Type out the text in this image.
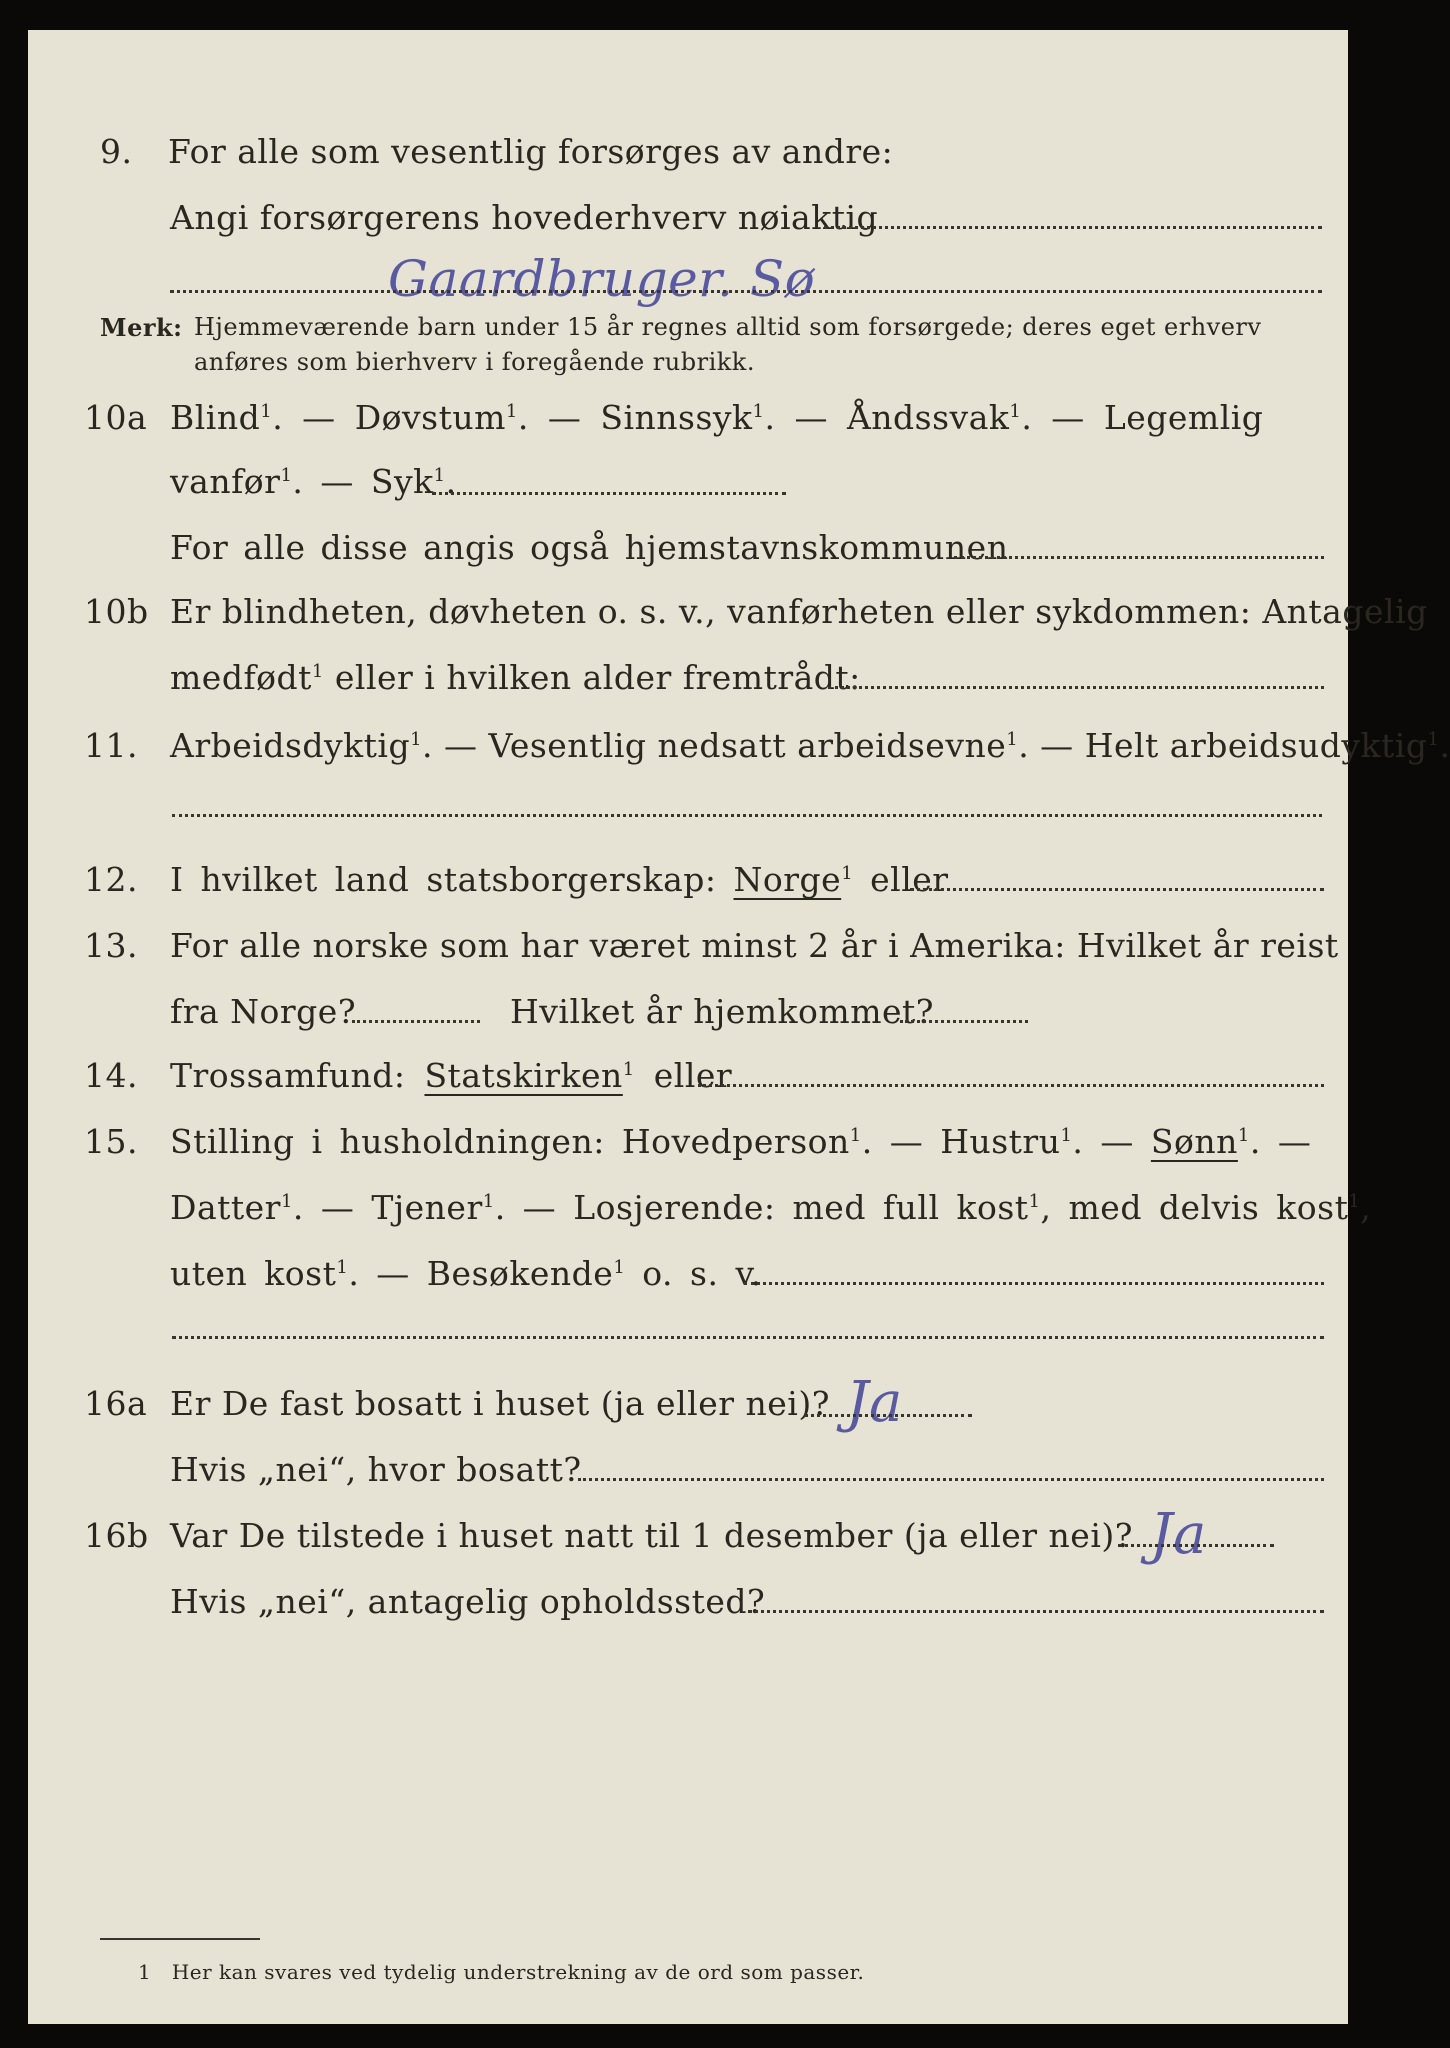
9. For alle som vesentlig forsørges av andre:
Angi forsørgerens hovederhverv nøiaktig
Gaardbruger. Sø
Merk: Hjemmeværende barn under 15 år regnes alltid som forsørgede; deres eget erhverv
anføres som bierhverv i foregående rubrikk.
10a Blind$^1$. — Døvstum$^1$. — Sinnssyk$^1$. — Åndssvak$^1$. — Legemlig
vanfør$^1$. — Syk$^1$.
For alle disse angis også hjemstavnskommunen
10b Er blindheten, døvheten o. s. v., vanførheten eller sykdommen: Antagelig
medfødt$^1$ eller i hvilken alder fremtrådt:
11. Arbeidsdyktig$^1$. — Vesentlig nedsatt arbeidsevne$^1$. — Helt arbeidsudyktig$^1$.
12. I hvilket land statsborgerskap: Norge$^1$ eller
13. For alle norske som har været minst 2 år i Amerika: Hvilket år reist
fra Norge?	Hvilket år hjemkommet?
14. Trossamfund: Statskirken$^1$ eller
15. Stilling i husholdningen: Hovedperson$^1$. — Hustru$^1$. — Sønn$^1$. —
Datter$^1$. — Tjener$^1$. — Losjerende: med full kost$^1$, med delvis kost$^1$,
uten kost$^1$. — Besøkende$^1$ o. s. v.
16a Er De fast bosatt i huset (ja eller nei)? Ja
Hvis „nei“, hvor bosatt?
16b Var De tilstede i huset natt til 1 desember (ja eller nei)? Ja
Hvis „nei“, antagelig opholdssted?
1 Her kan svares ved tydelig understrekning av de ord som passer.
